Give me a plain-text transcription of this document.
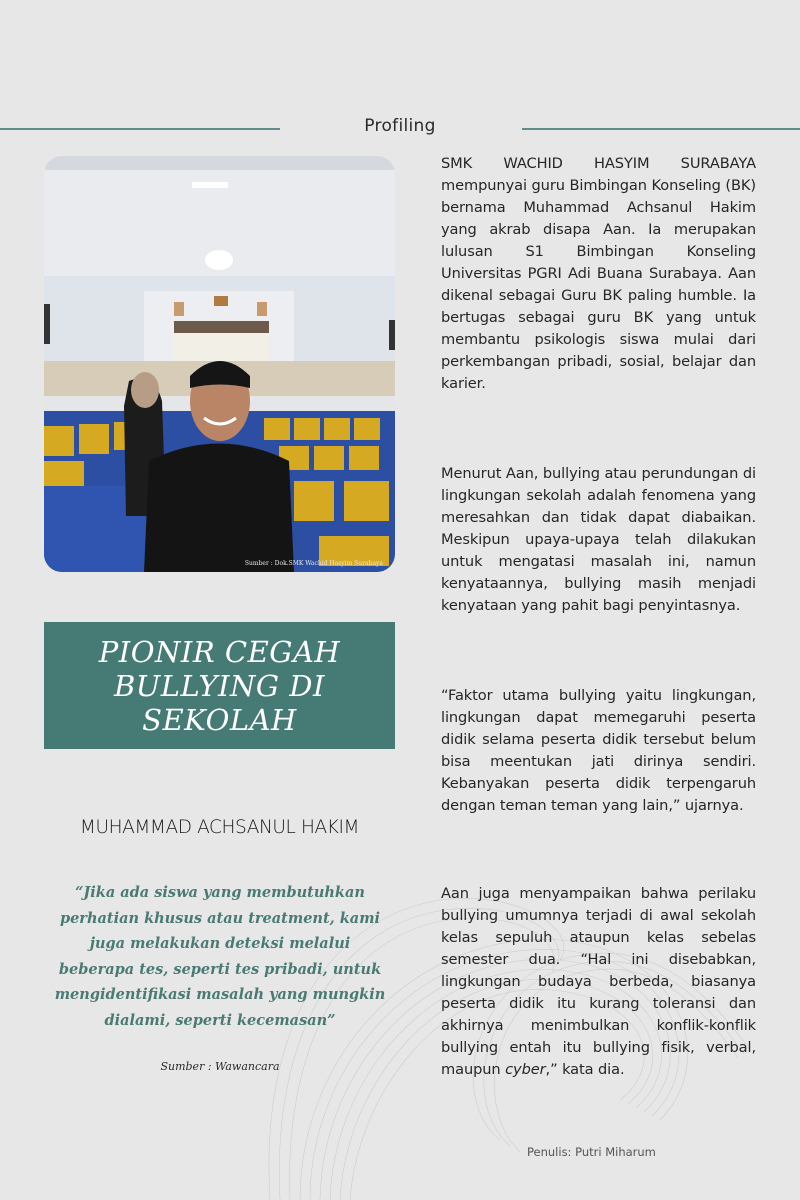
Profiling
Sumber : Dok.SMK Wachid Hasyim Surabaya
PIONIR CEGAH BULLYING DI SEKOLAH
MUHAMMAD ACHSANUL HAKIM
“Jika ada siswa yang membutuhkan perhatian khusus atau treatment, kami juga melakukan deteksi melalui beberapa tes, seperti tes pribadi, untuk mengidentifikasi masalah yang mungkin dialami, seperti kecemasan”
Sumber : Wawancara

SMK WACHID HASYIM SURABAYA mempunyai guru Bimbingan Konseling (BK) bernama Muhammad Achsanul Hakim yang akrab disapa Aan. Ia merupakan lulusan S1 Bimbingan Konseling Universitas PGRI Adi Buana Surabaya. Aan dikenal sebagai Guru BK paling humble. Ia bertugas sebagai guru BK yang untuk membantu psikologis siswa mulai dari perkembangan pribadi, sosial, belajar dan karier.

Menurut Aan, bullying atau perundungan di lingkungan sekolah adalah fenomena yang meresahkan dan tidak dapat diabaikan. Meskipun upaya-upaya telah dilakukan untuk mengatasi masalah ini, namun kenyataannya, bullying masih menjadi kenyataan yang pahit bagi penyintasnya.

“Faktor utama bullying yaitu lingkungan, lingkungan dapat memegaruhi peserta didik selama peserta didik tersebut belum bisa meentukan jati dirinya sendiri. Kebanyakan peserta didik terpengaruh dengan teman teman yang lain,” ujarnya.

Aan juga menyampaikan bahwa perilaku bullying umumnya terjadi di awal sekolah kelas sepuluh ataupun kelas sebelas semester dua. “Hal ini disebabkan, lingkungan budaya berbeda, biasanya peserta didik itu kurang toleransi dan akhirnya menimbulkan konflik-konflik bullying entah itu bullying fisik, verbal, maupun cyber,” kata dia.

Penulis: Putri Miharum
